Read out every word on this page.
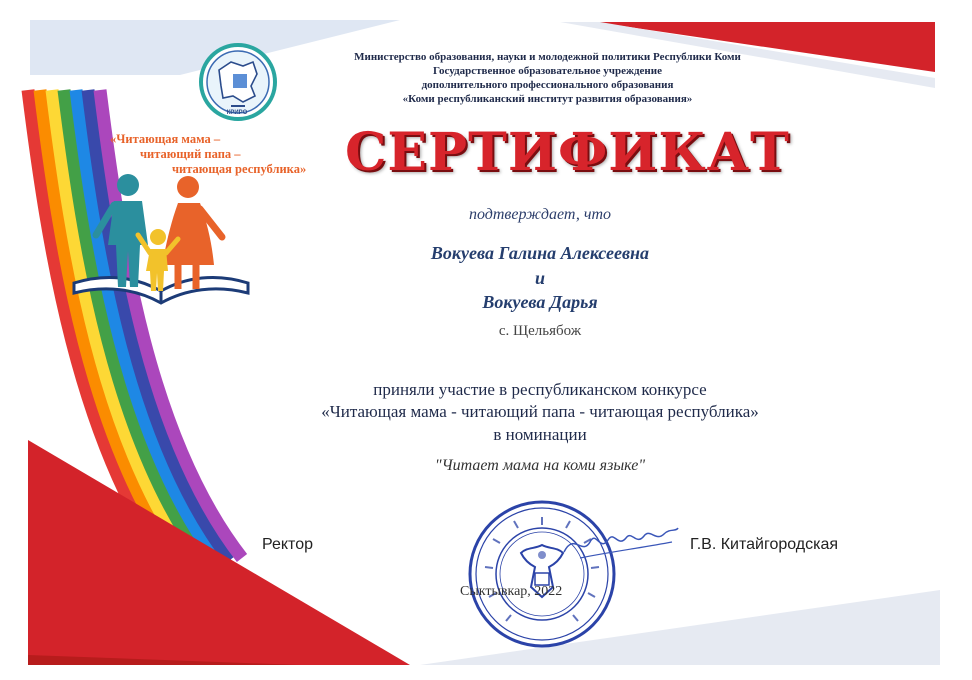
КРИРО
Министерство образования, науки и молодежной политики Республики Коми
Государственное образовательное учреждение
дополнительного профессионального образования
«Коми республиканский институт развития образования»
«Читающая мама –
читающий папа –
читающая республика» СЕРТИФИКАТ
подтверждает, что
Вокуева Галина Алексеевна
и
Вокуева Дарья
с. Щельябож
приняли участие в республиканском конкурсе
«Читающая мама - читающий папа - читающая республика»
в номинации
"Читает мама на коми языке"
Ректор	Г.В. Китайгородская
Сыктывкар, 2022
